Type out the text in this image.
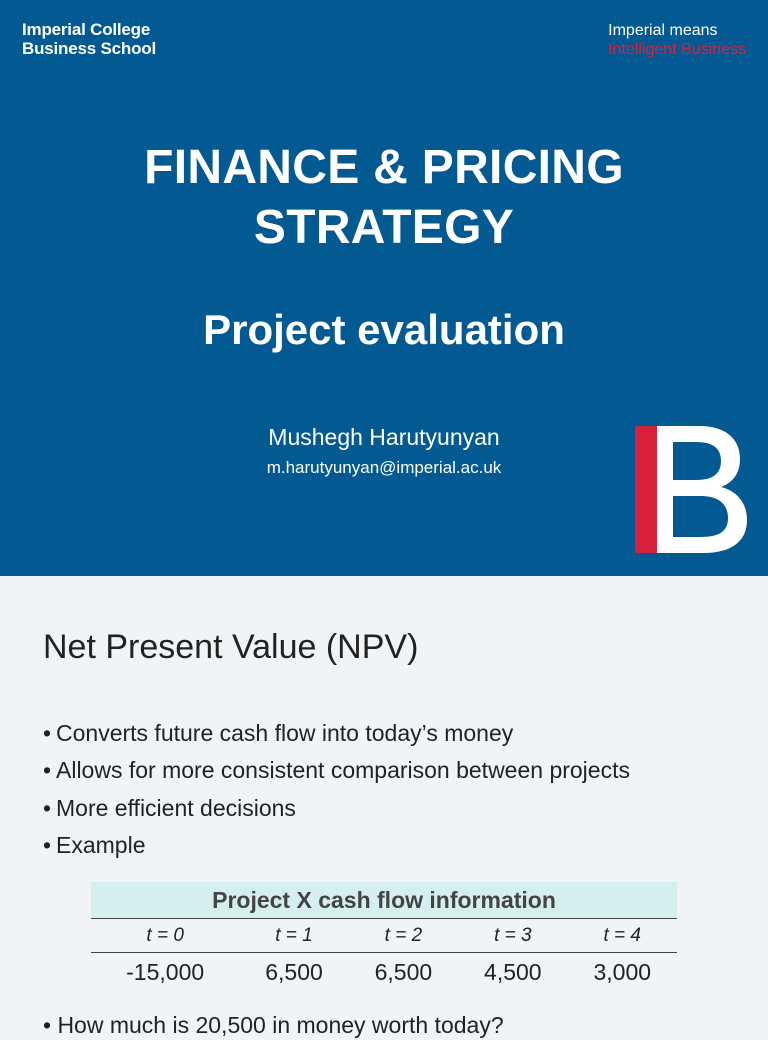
Imperial College
Business School
Imperial means
Intelligent Business
FINANCE & PRICING
STRATEGY
Project evaluation
Mushegh Harutyunyan
m.harutyunyan@imperial.ac.uk
Net Present Value (NPV)
• Converts future cash flow into today’s money
• Allows for more consistent comparison between projects
• More efficient decisions
• Example
Project X cash flow information				
t = 0	t = 1	t = 2	t = 3	t = 4
-15,000	6,500	6,500	4,500	3,000
• How much is 20,500 in money worth today?
